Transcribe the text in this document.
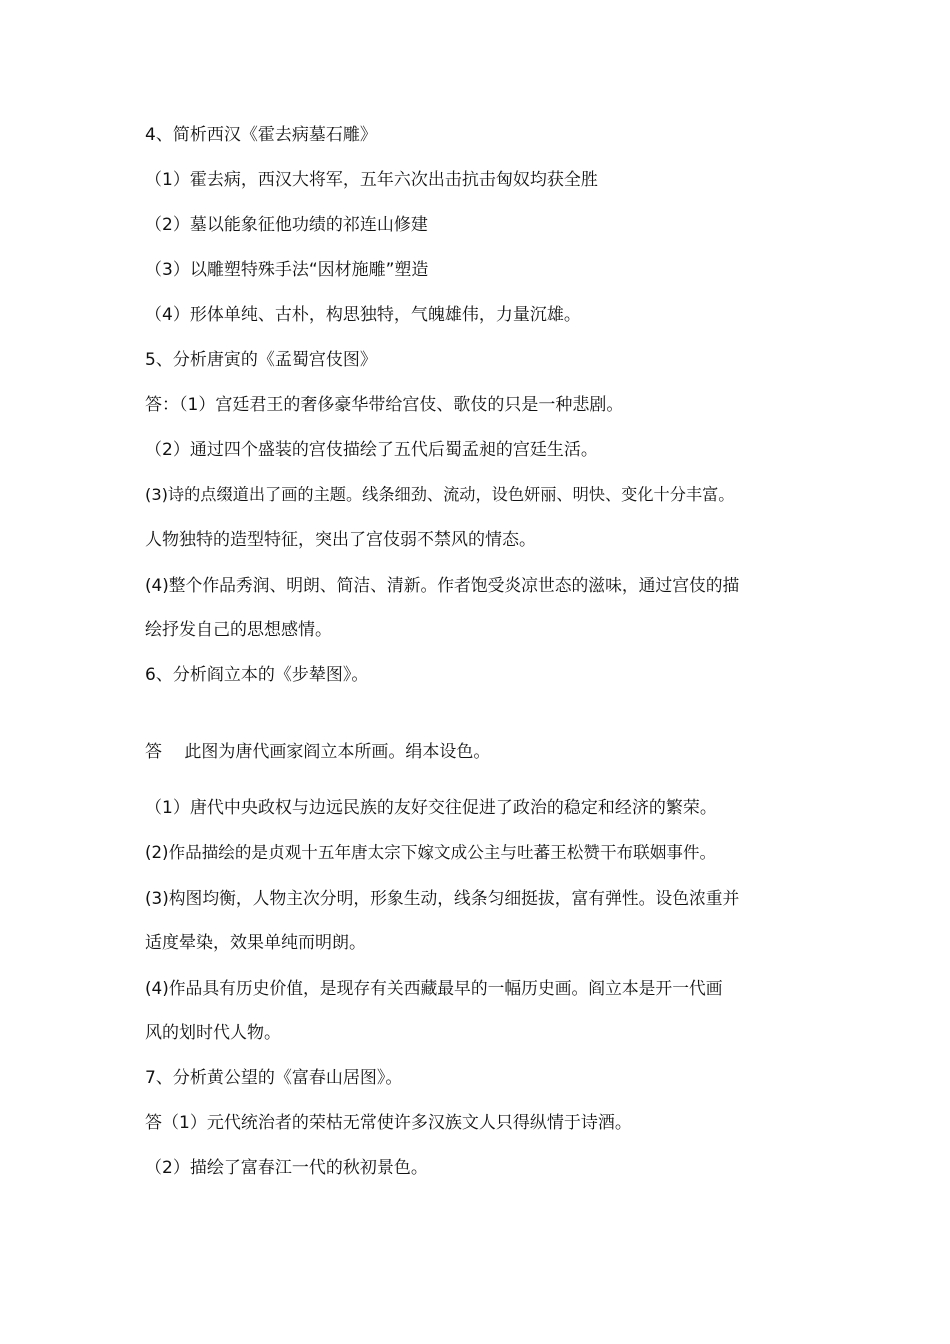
4、简析西汉《霍去病墓石雕》
（1）霍去病，西汉大将军，五年六次出击抗击匈奴均获全胜
（2）墓以能象征他功绩的祁连山修建
（3）以雕塑特殊手法“因材施雕”塑造
（4）形体单纯、古朴，构思独特，气魄雄伟，力量沉雄。
5、分析唐寅的《孟蜀宫伎图》
答：（1）宫廷君王的奢侈豪华带给宫伎、歌伎的只是一种悲剧。
（2）通过四个盛装的宫伎描绘了五代后蜀孟昶的宫廷生活。
(3)诗的点缀道出了画的主题。线条细劲、流动，设色妍丽、明快、变化十分丰富。
人物独特的造型特征，突出了宫伎弱不禁风的情态。
(4)整个作品秀润、明朗、简洁、清新。作者饱受炎凉世态的滋味，通过宫伎的描
绘抒发自己的思想感情。
6、分析阎立本的《步辇图》。
答　 此图为唐代画家阎立本所画。绢本设色。
（1）唐代中央政权与边远民族的友好交往促进了政治的稳定和经济的繁荣。
(2)作品描绘的是贞观十五年唐太宗下嫁文成公主与吐蕃王松赞干布联姻事件。
(3)构图均衡，人物主次分明，形象生动，线条匀细挺拔，富有弹性。设色浓重并
适度晕染，效果单纯而明朗。
(4)作品具有历史价值，是现存有关西藏最早的一幅历史画。阎立本是开一代画
风的划时代人物。
7、分析黄公望的《富春山居图》。
答（1）元代统治者的荣枯无常使许多汉族文人只得纵情于诗酒。
（2）描绘了富春江一代的秋初景色。
